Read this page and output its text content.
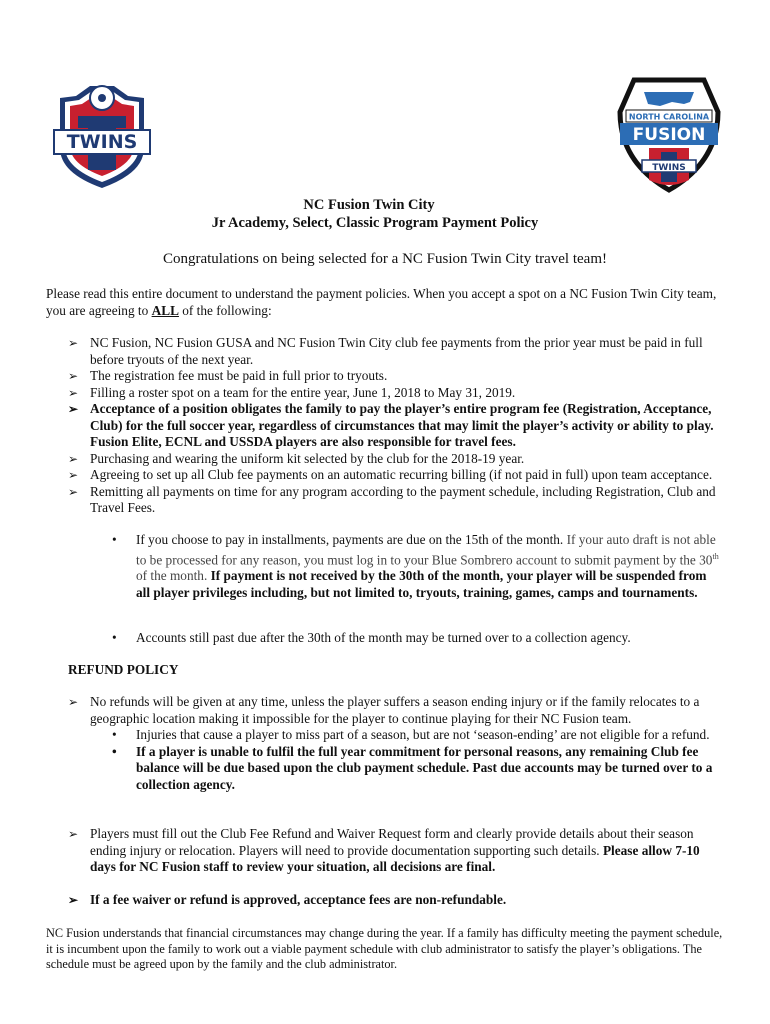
TWINS
NORTH CAROLINA
FUSION
TWINS
NC Fusion Twin City
Jr Academy, Select, Classic Program Payment Policy
Congratulations on being selected for a NC Fusion Twin City travel team!
Please read this entire document to understand the payment policies. When you accept a spot on a NC Fusion Twin City team, you are agreeing to ALL of the following:
➢ NC Fusion, NC Fusion GUSA and NC Fusion Twin City club fee payments from the prior year must be paid in full before tryouts of the next year.
➢ The registration fee must be paid in full prior to tryouts.
➢ Filling a roster spot on a team for the entire year, June 1, 2018 to May 31, 2019.
➢ Acceptance of a position obligates the family to pay the player’s entire program fee (Registration, Acceptance, Club) for the full soccer year, regardless of circumstances that may limit the player’s activity or ability to play. Fusion Elite, ECNL and USSDA players are also responsible for travel fees.
➢ Purchasing and wearing the uniform kit selected by the club for the 2018-19 year.
➢ Agreeing to set up all Club fee payments on an automatic recurring billing (if not paid in full) upon team acceptance.
➢ Remitting all payments on time for any program according to the payment schedule, including Registration, Club and Travel Fees.
• If you choose to pay in installments, payments are due on the 15th of the month. If your auto draft is not able to be processed for any reason, you must log in to your Blue Sombrero account to submit payment by the 30th of the month. If payment is not received by the 30th of the month, your player will be suspended from all player privileges including, but not limited to, tryouts, training, games, camps and tournaments.
• Accounts still past due after the 30th of the month may be turned over to a collection agency.
REFUND POLICY
➢ No refunds will be given at any time, unless the player suffers a season ending injury or if the family relocates to a geographic location making it impossible for the player to continue playing for their NC Fusion team.
• Injuries that cause a player to miss part of a season, but are not ‘season-ending’ are not eligible for a refund.
• If a player is unable to fulfil the full year commitment for personal reasons, any remaining Club fee balance will be due based upon the club payment schedule. Past due accounts may be turned over to a collection agency.
➢ Players must fill out the Club Fee Refund and Waiver Request form and clearly provide details about their season ending injury or relocation. Players will need to provide documentation supporting such details. Please allow 7-10 days for NC Fusion staff to review your situation, all decisions are final.
➢ If a fee waiver or refund is approved, acceptance fees are non-refundable.
NC Fusion understands that financial circumstances may change during the year. If a family has difficulty meeting the payment schedule, it is incumbent upon the family to work out a viable payment schedule with club administrator to satisfy the player’s obligations. The schedule must be agreed upon by the family and the club administrator.
